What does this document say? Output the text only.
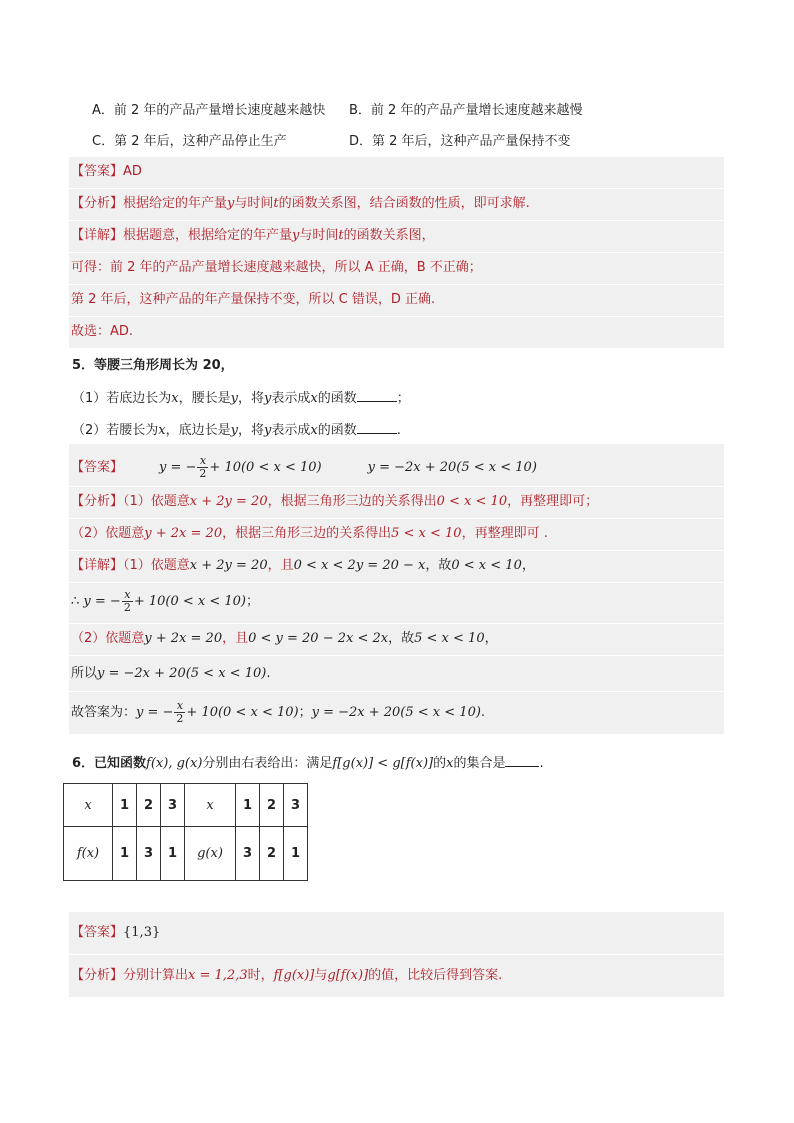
A．前 2 年的产品产量增长速度越来越快 B．前 2 年的产品产量增长速度越来越慢
C．第 2 年后，这种产品停止生产	D．第 2 年后，这种产品产量保持不变
【答案】AD
【分析】根据给定的年产量y与时间t的函数关系图，结合函数的性质，即可求解.
【详解】根据题意，根据给定的年产量y与时间t的函数关系图，
可得：前 2 年的产品产量增长速度越来越快，所以 A 正确，B 不正确；
第 2 年后，这种产品的年产量保持不变，所以 C 错误，D 正确.
故选：AD.
5．等腰三角形周长为 20，
（1）若底边长为x，腰长是y，将y表示成x的函数	；
（2）若腰长为x，底边长是y，将y表示成x的函数	.
【答案】	y = − $\frac{x}{2} + 10(0 < x < 10)$	y = −2x + 20(5 < x < 10)
【分析】（1）依题意x + 2y = 20，根据三角形三边的关系得出0 < x < 10，再整理即可；
（2）依题意y + 2x = 20，根据三角形三边的关系得出5 < x < 10，再整理即可 .
【详解】（1）依题意x + 2y = 20，且0 < x < 2y = 20 − x，故0 < x < 10，
∴ y = − $\frac{x}{2} + 10(0 < x < 10)$；
（2）依题意y + 2x = 20，且0 < y = 20 − 2x < 2x，故5 < x < 10，
所以y = −2x + 20(5 < x < 10).
故答案为：y = − $\frac{x}{2} + 10(0 < x < 10)$；y = −2x + 20(5 < x < 10).
6．已知函数f(x), g(x)分别由右表给出：满足f[g(x)] < g[f(x)]的x的集合是	.
x	1	2	3	x	1	2	3
f(x)	1	3	1	g(x)	3	2	1
【答案】{1,3}
【分析】分别计算出x = 1,2,3时，f[g(x)]与g[f(x)]的值，比较后得到答案.
